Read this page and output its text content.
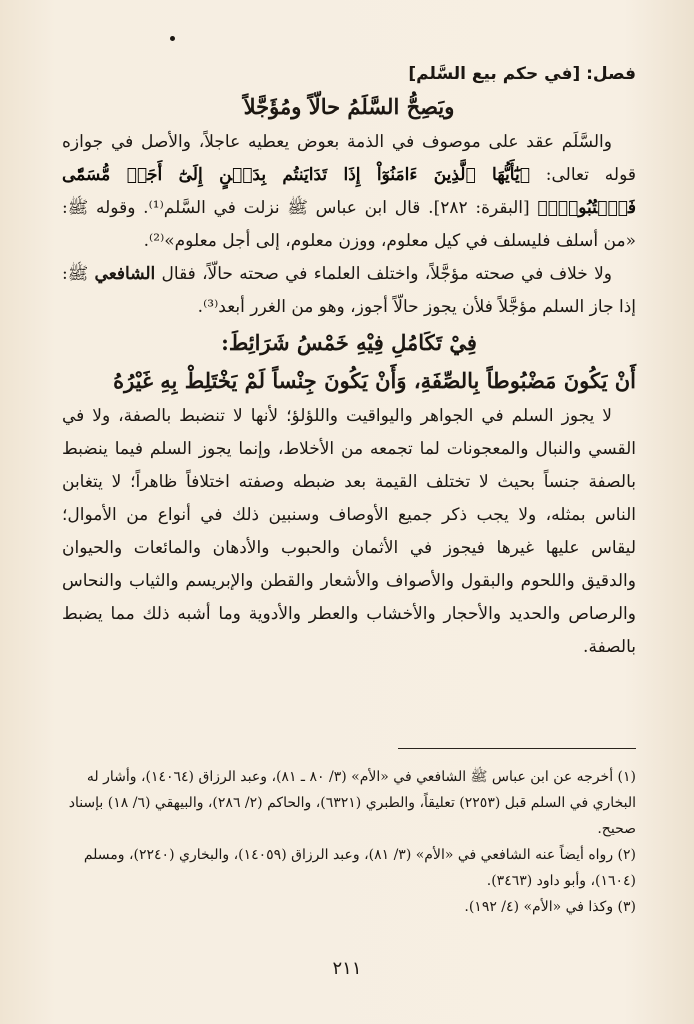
فصل: [في حكم بيع السَّلم]

ويَصِحُّ السَّلَمُ حالّاً ومُؤَجَّلاً

والسَّلَم عقد على موصوف في الذمة بعوض يعطيه عاجلاً، والأصل في جوازه قوله تعالى: ﴿يَٰٓأَيُّهَا ٱلَّذِينَ ءَامَنُوٓاْ إِذَا تَدَايَنتُم بِدَيۡنٍ إِلَىٰٓ أَجَلٖ مُّسَمّٗى فَٱكۡتُبُوهُۚ﴾ [البقرة: ٢٨٢]. قال ابن عباس ﷺ نزلت في السَّلم⁽¹⁾. وقوله ﷺ: «من أسلف فليسلف في كيل معلوم، ووزن معلوم، إلى أجل معلوم»⁽²⁾.

ولا خلاف في صحته مؤجَّلاً، واختلف العلماء في صحته حالّاً، فقال الشافعي ﷺ: إذا جاز السلم مؤجَّلاً فلأن يجوز حالّاً أجوز، وهو من الغرر أبعد⁽³⁾.

فِيْ تَكَامُلِ فِيْهِ خَمْسُ شَرَائِطَ:

أَنْ يَكُونَ مَضْبُوطاً بِالصِّفَةِ، وَأَنْ يَكُونَ جِنْساً لَمْ يَخْتَلِطْ بِهِ غَيْرُهُ

لا يجوز السلم في الجواهر واليواقيت واللؤلؤ؛ لأنها لا تنضبط بالصفة، ولا في القسي والنبال والمعجونات لما تجمعه من الأخلاط، وإنما يجوز السلم فيما ينضبط بالصفة جنساً بحيث لا تختلف القيمة بعد ضبطه وصفته اختلافاً ظاهراً؛ لا يتغابن الناس بمثله، ولا يجب ذكر جميع الأوصاف وسنبين ذلك في أنواع من الأموال؛ ليقاس عليها غيرها فيجوز في الأثمان والحبوب والأدهان والمائعات والحيوان والدقيق واللحوم والبقول والأصواف والأشعار والقطن والإبريسم والثياب والنحاس والرصاص والحديد والأحجار والأخشاب والعطر والأدوية وما أشبه ذلك مما يضبط بالصفة.

(١) أخرجه عن ابن عباس ﷺ الشافعي في «الأم» (٣/ ٨٠ ـ ٨١)، وعبد الرزاق (١٤٠٦٤)، وأشار له البخاري في السلم قبل (٢٢٥٣) تعليقاً، والطبري (٦٣٢١)، والحاكم (٢/ ٢٨٦)، والبيهقي (٦/ ١٨) بإسناد صحيح.

(٢) رواه أيضاً عنه الشافعي في «الأم» (٣/ ٨١)، وعبد الرزاق (١٤٠٥٩)، والبخاري (٢٢٤٠)، ومسلم (١٦٠٤)، وأبو داود (٣٤٦٣).

(٣) وكذا في «الأم» (٤/ ١٩٢).

٢١١
